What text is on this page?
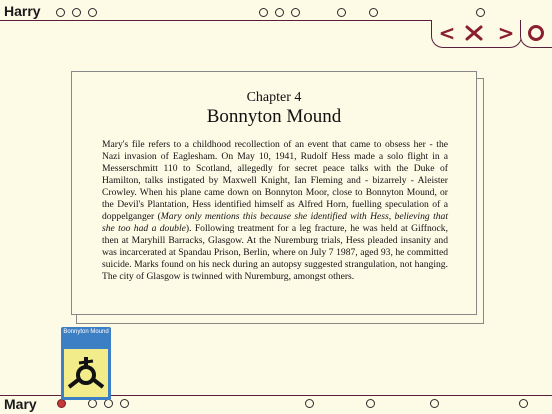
Harry
Mary
< >
Chapter 4
Bonnyton Mound
Mary's file refers to a childhood recollection of an event that came to obsess her - the Nazi invasion of Eaglesham. On May 10, 1941, Rudolf Hess made a solo flight in a Messerschmitt 110 to Scotland, allegedly for secret peace talks with the Duke of Hamilton, talks instigated by Maxwell Knight, Ian Fleming and - bizarrely - Aleister Crowley. When his plane came down on Bonnyton Moor, close to Bonnyton Mound, or the Devil's Plantation, Hess identified himself as Alfred Horn, fuelling speculation of a doppelganger (Mary only mentions this because she identified with Hess, believing that she too had a double). Following treatment for a leg fracture, he was held at Giffnock, then at Maryhill Barracks, Glasgow. At the Nuremburg trials, Hess pleaded insanity and was incarcerated at Spandau Prison, Berlin, where on July 7 1987, aged 93, he committed suicide. Marks found on his neck during an autopsy suggested strangulation, not hanging. The city of Glasgow is twinned with Nuremburg, amongst others.
Bonnyton Mound
